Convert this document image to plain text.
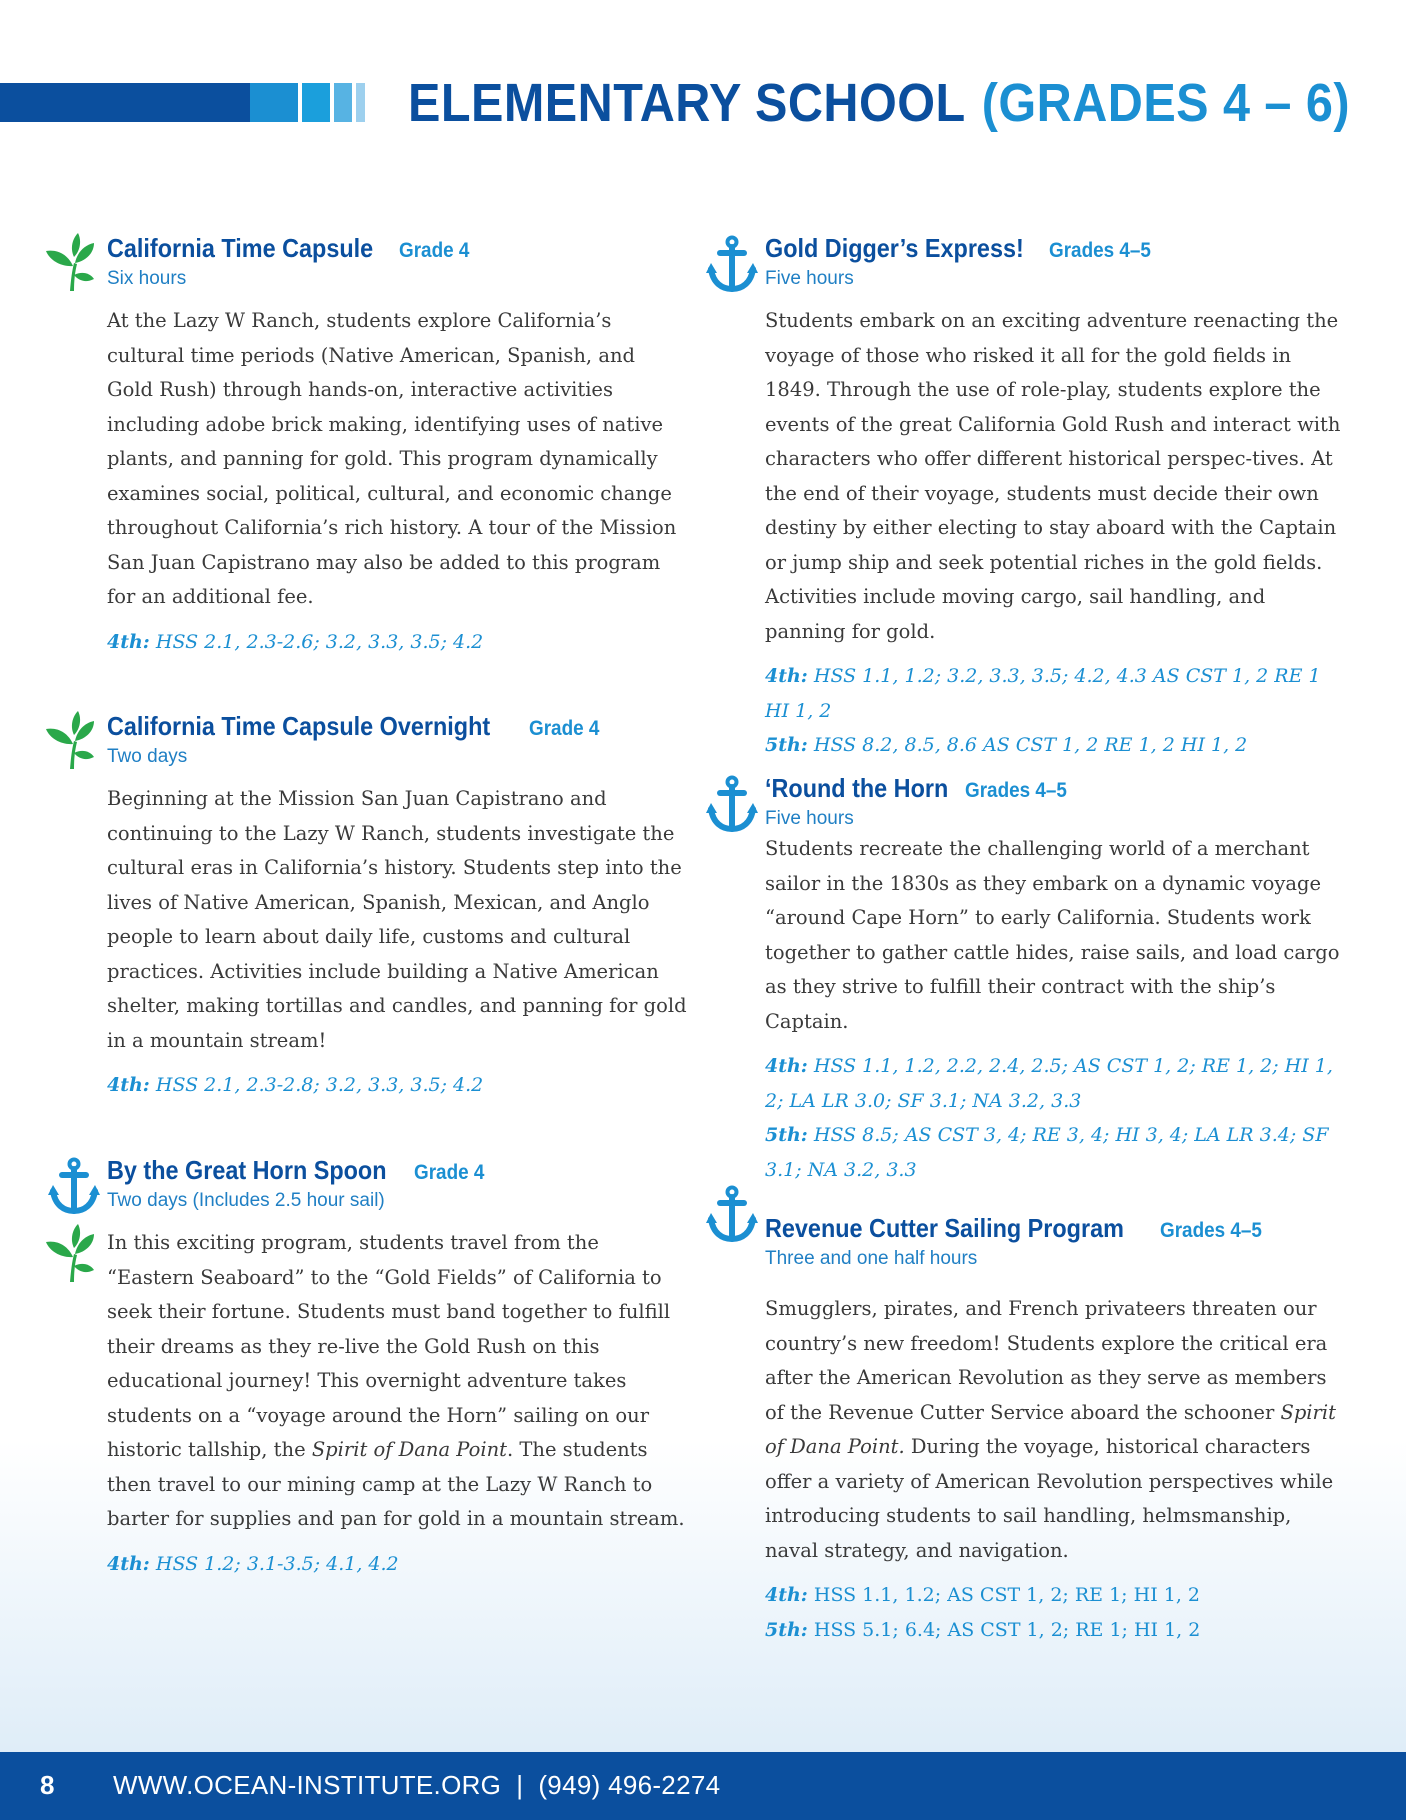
ELEMENTARY SCHOOL (GRADES 4 – 6)
California Time Capsule Grade 4
Six hours
At the Lazy W Ranch, students explore California’s cultural time periods (Native American, Spanish, and Gold Rush) through hands-on, interactive activities including adobe brick making, identifying uses of native plants, and panning for gold. This program dynamically examines social, political, cultural, and economic change throughout California’s rich history. A tour of the Mission San Juan Capistrano may also be added to this program for an additional fee.
4th: HSS 2.1, 2.3-2.6; 3.2, 3.3, 3.5; 4.2
California Time Capsule Overnight Grade 4
Two days
Beginning at the Mission San Juan Capistrano and continuing to the Lazy W Ranch, students investigate the cultural eras in California’s history. Students step into the lives of Native American, Spanish, Mexican, and Anglo people to learn about daily life, customs and cultural practices. Activities include building a Native American shelter, making tortillas and candles, and panning for gold in a mountain stream!
4th: HSS 2.1, 2.3-2.8; 3.2, 3.3, 3.5; 4.2
By the Great Horn Spoon Grade 4
Two days (Includes 2.5 hour sail)
In this exciting program, students travel from the “Eastern Seaboard” to the “Gold Fields” of California to seek their fortune. Students must band together to fulfill their dreams as they re-live the Gold Rush on this educational journey! This overnight adventure takes students on a “voyage around the Horn” sailing on our historic tallship, the Spirit of Dana Point. The students then travel to our mining camp at the Lazy W Ranch to barter for supplies and pan for gold in a mountain stream.
4th: HSS 1.2; 3.1-3.5; 4.1, 4.2
Gold Digger’s Express! Grades 4–5
Five hours
Students embark on an exciting adventure reenacting the voyage of those who risked it all for the gold fields in 1849. Through the use of role-play, students explore the events of the great California Gold Rush and interact with characters who offer different historical perspec-tives. At the end of their voyage, students must decide their own destiny by either electing to stay aboard with the Captain or jump ship and seek potential riches in the gold fields. Activities include moving cargo, sail handling, and panning for gold.
4th: HSS 1.1, 1.2; 3.2, 3.3, 3.5; 4.2, 4.3 AS CST 1, 2 RE 1 HI 1, 2
5th: HSS 8.2, 8.5, 8.6 AS CST 1, 2 RE 1, 2 HI 1, 2
‘Round the Horn Grades 4–5
Five hours
Students recreate the challenging world of a merchant sailor in the 1830s as they embark on a dynamic voyage “around Cape Horn” to early California. Students work together to gather cattle hides, raise sails, and load cargo as they strive to fulfill their contract with the ship’s Captain.
4th: HSS 1.1, 1.2, 2.2, 2.4, 2.5; AS CST 1, 2; RE 1, 2; HI 1, 2; LA LR 3.0; SF 3.1; NA 3.2, 3.3
5th: HSS 8.5; AS CST 3, 4; RE 3, 4; HI 3, 4; LA LR 3.4; SF 3.1; NA 3.2, 3.3
Revenue Cutter Sailing Program Grades 4–5
Three and one half hours
Smugglers, pirates, and French privateers threaten our country’s new freedom! Students explore the critical era after the American Revolution as they serve as members of the Revenue Cutter Service aboard the schooner Spirit of Dana Point. During the voyage, historical characters offer a variety of American Revolution perspectives while introducing students to sail handling, helmsmanship, naval strategy, and navigation.
4th: HSS 1.1, 1.2; AS CST 1, 2; RE 1; HI 1, 2
5th: HSS 5.1; 6.4; AS CST 1, 2; RE 1; HI 1, 2
8 WWW.OCEAN-INSTITUTE.ORG  |  (949) 496-2274
